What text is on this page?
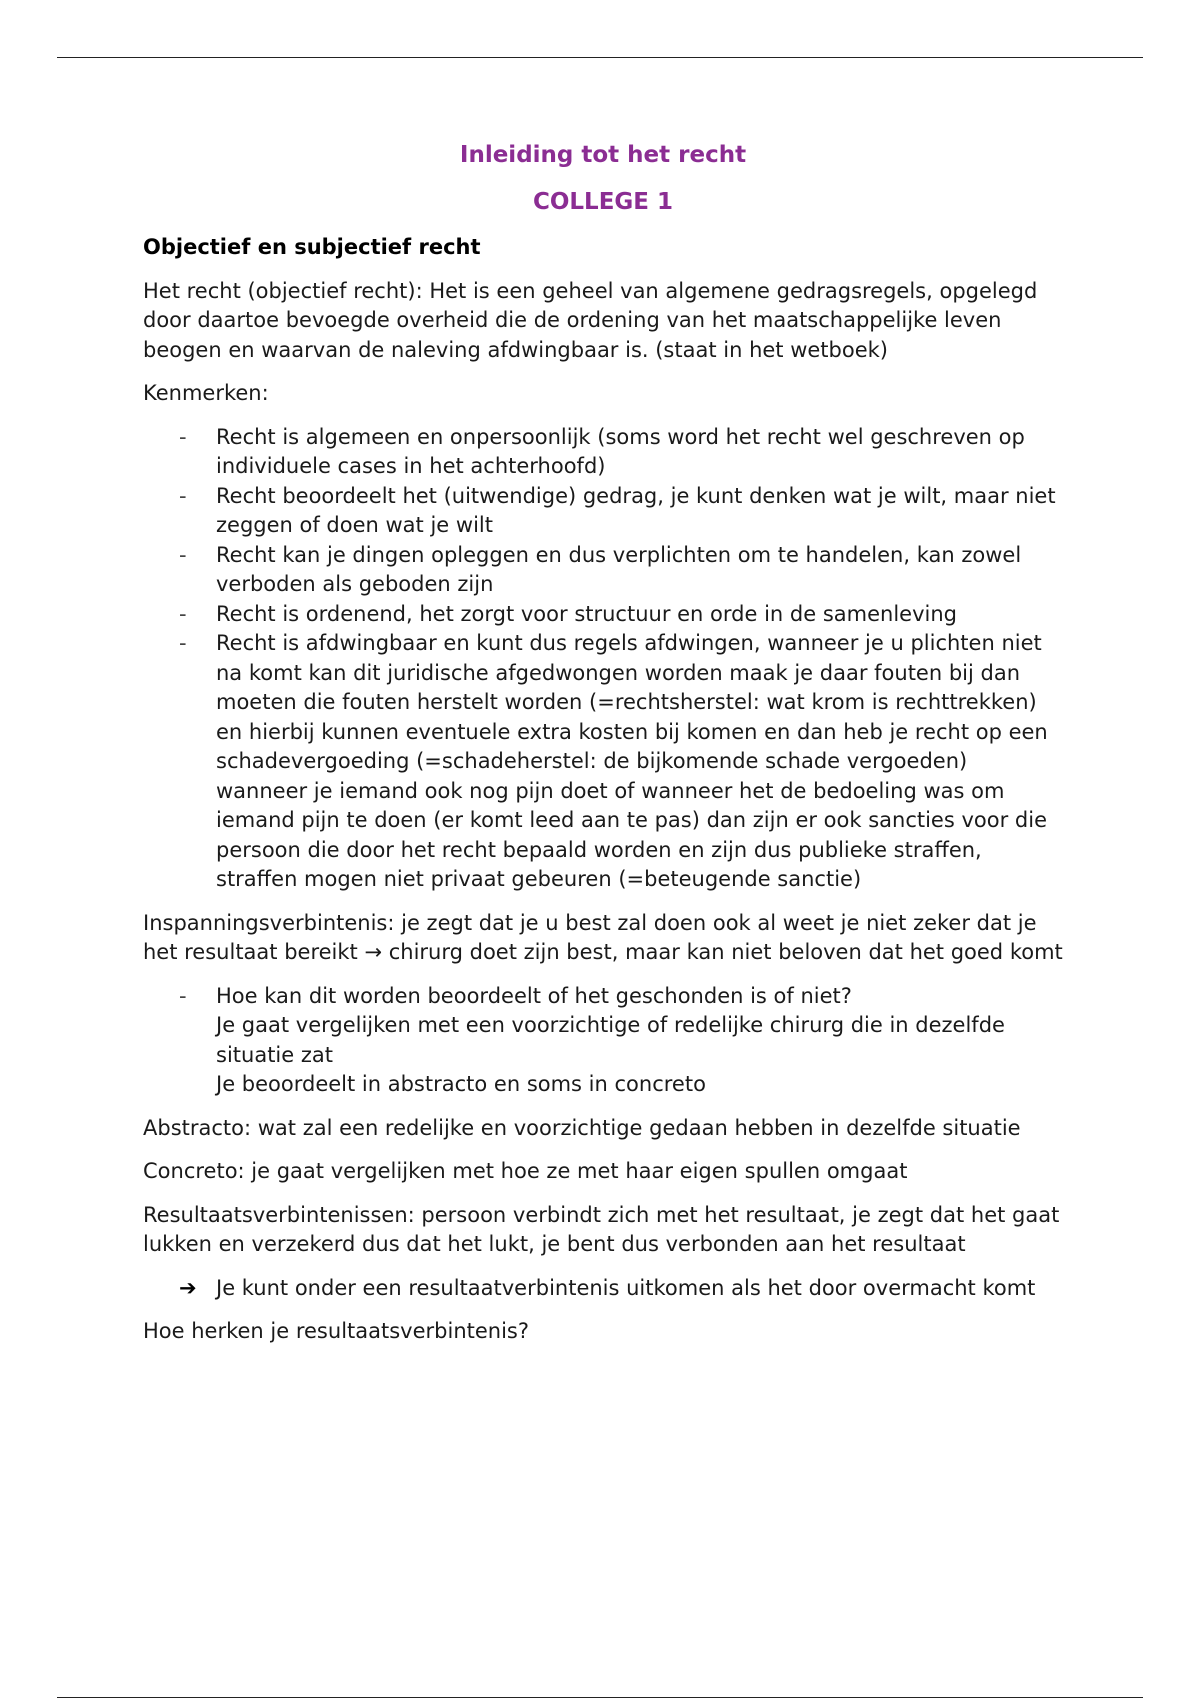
Inleiding tot het recht
COLLEGE 1
Objectief en subjectief recht

Het recht (objectief recht): Het is een geheel van algemene gedragsregels, opgelegd door daartoe bevoegde overheid die de ordening van het maatschappelijke leven beogen en waarvan de naleving afdwingbaar is. (staat in het wetboek)

Kenmerken:

- Recht is algemeen en onpersoonlijk (soms word het recht wel geschreven op individuele cases in het achterhoofd)
- Recht beoordeelt het (uitwendige) gedrag, je kunt denken wat je wilt, maar niet zeggen of doen wat je wilt
- Recht kan je dingen opleggen en dus verplichten om te handelen, kan zowel verboden als geboden zijn
- Recht is ordenend, het zorgt voor structuur en orde in de samenleving
- Recht is afdwingbaar en kunt dus regels afdwingen, wanneer je u plichten niet na komt kan dit juridische afgedwongen worden maak je daar fouten bij dan moeten die fouten herstelt worden (=rechtsherstel: wat krom is rechttrekken) en hierbij kunnen eventuele extra kosten bij komen en dan heb je recht op een schadevergoeding (=schadeherstel: de bijkomende schade vergoeden) wanneer je iemand ook nog pijn doet of wanneer het de bedoeling was om iemand pijn te doen (er komt leed aan te pas) dan zijn er ook sancties voor die persoon die door het recht bepaald worden en zijn dus publieke straffen, straffen mogen niet privaat gebeuren (=beteugende sanctie)

Inspanningsverbintenis: je zegt dat je u best zal doen ook al weet je niet zeker dat je het resultaat bereikt → chirurg doet zijn best, maar kan niet beloven dat het goed komt

- Hoe kan dit worden beoordeelt of het geschonden is of niet?
Je gaat vergelijken met een voorzichtige of redelijke chirurg die in dezelfde situatie zat
Je beoordeelt in abstracto en soms in concreto

Abstracto: wat zal een redelijke en voorzichtige gedaan hebben in dezelfde situatie

Concreto: je gaat vergelijken met hoe ze met haar eigen spullen omgaat

Resultaatsverbintenissen: persoon verbindt zich met het resultaat, je zegt dat het gaat lukken en verzekerd dus dat het lukt, je bent dus verbonden aan het resultaat

➔ Je kunt onder een resultaatverbintenis uitkomen als het door overmacht komt

Hoe herken je resultaatsverbintenis?
